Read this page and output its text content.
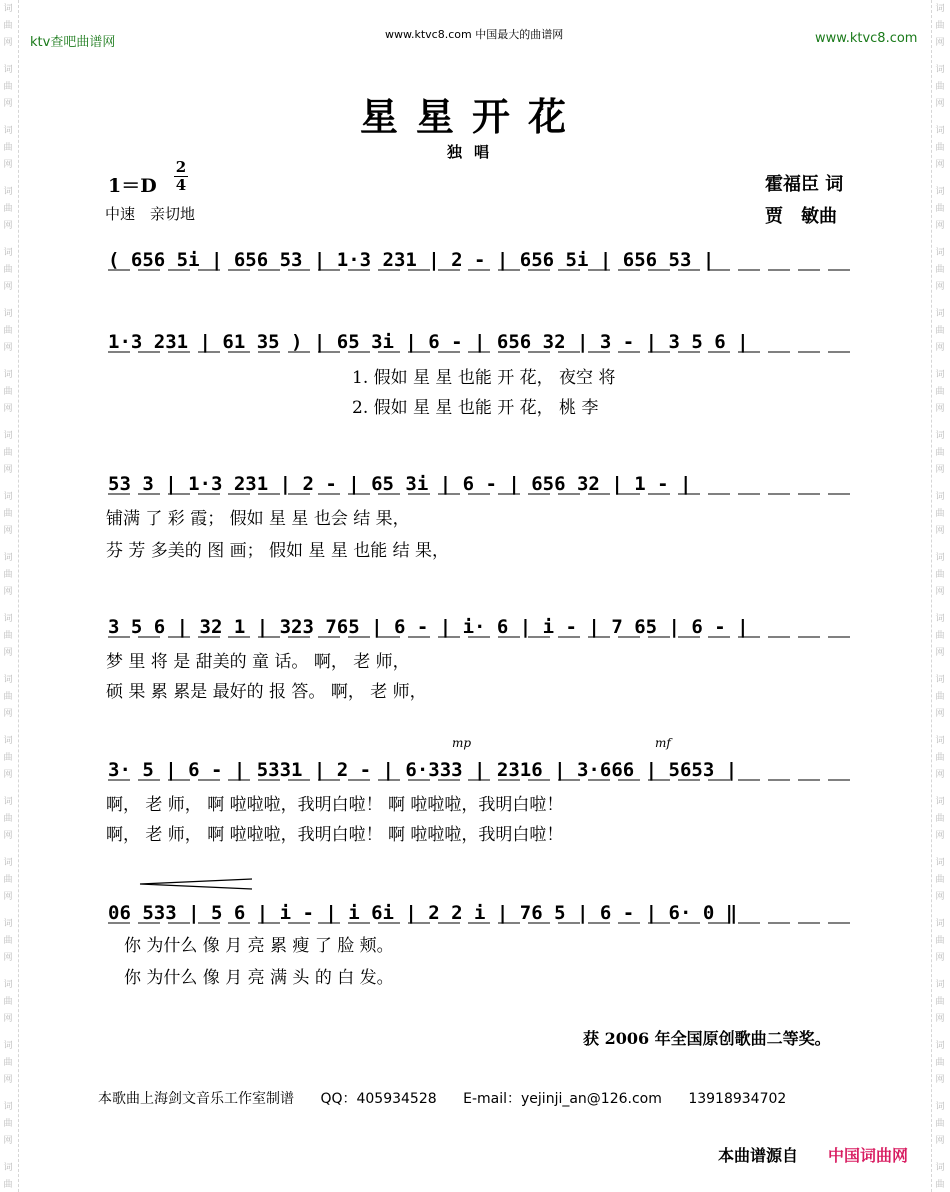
词
曲
网
词
曲
网
词
曲
网
词
曲
网
词
曲
网
词
曲
网
词
曲
网
词
曲
网
词
曲
网
词
曲
网
词
曲
网
词
曲
网
词
曲
网
词
曲
网
词
曲
网
词
曲
网
词
曲
网
词
曲
网
词
曲
网
词
曲
词
曲
网
词
曲
网
词
曲
网
词
曲
网
词
曲
网
词
曲
网
词
曲
网
词
曲
网
词
曲
网
词
曲
网
词
曲
网
词
曲
网
词
曲
网
词
曲
网
词
曲
网
词
曲
网
词
曲
网
词
曲
网
词
曲
网
词
曲
ktv查吧曲谱网
www.ktvc8.com 中国最大的曲谱网	www.ktvc8.com
星星开花
独唱
1＝D
2
4
中速　亲切地
霍福臣 词
贾　敏曲
( 656 5i | 656 53 | 1·3 231 | 2 - | 656 5i | 656 53 |
1·3 231 | 61 35 ) | 65 3i | 6 - | 656 32 | 3 - | 3 5 6 |
1. 假如 星 星 也能 开 花， 夜空 将
2. 假如 星 星 也能 开 花， 桃 李
53 3 | 1·3 231 | 2 - | 65 3i | 6 - | 656 32 | 1 - |
铺满 了 彩 霞； 假如 星 星 也会 结 果，
芬 芳 多美的 图 画； 假如 星 星 也能 结 果，
3 5 6 | 32 1 | 323 765 | 6 - | i· 6 | i - | 7 65 | 6 - |
梦 里 将 是 甜美的 童 话。 啊， 老 师，
硕 果 累 累是 最好的 报 答。 啊， 老 师，
mp	mf
3· 5 | 6 - | 5331 | 2 - | 6·333 | 2316 | 3·666 | 5653 |
啊， 老 师， 啊 啦啦啦，我明白啦！ 啊 啦啦啦，我明白啦！
啊， 老 师， 啊 啦啦啦，我明白啦！ 啊 啦啦啦，我明白啦！
06 533 | 5 6 | i - | i 6i | 2 2 i | 76 5 | 6 - | 6· 0 ‖
你 为什么 像 月 亮 累 瘦 了 脸 颊。
你 为什么 像 月 亮 满 头 的 白 发。
获 2006 年全国原创歌曲二等奖。
本歌曲上海剑文音乐工作室制谱 QQ：405934528 E-mail：yejinji_an@126.com 13918934702
本曲谱源自 中国词曲网
